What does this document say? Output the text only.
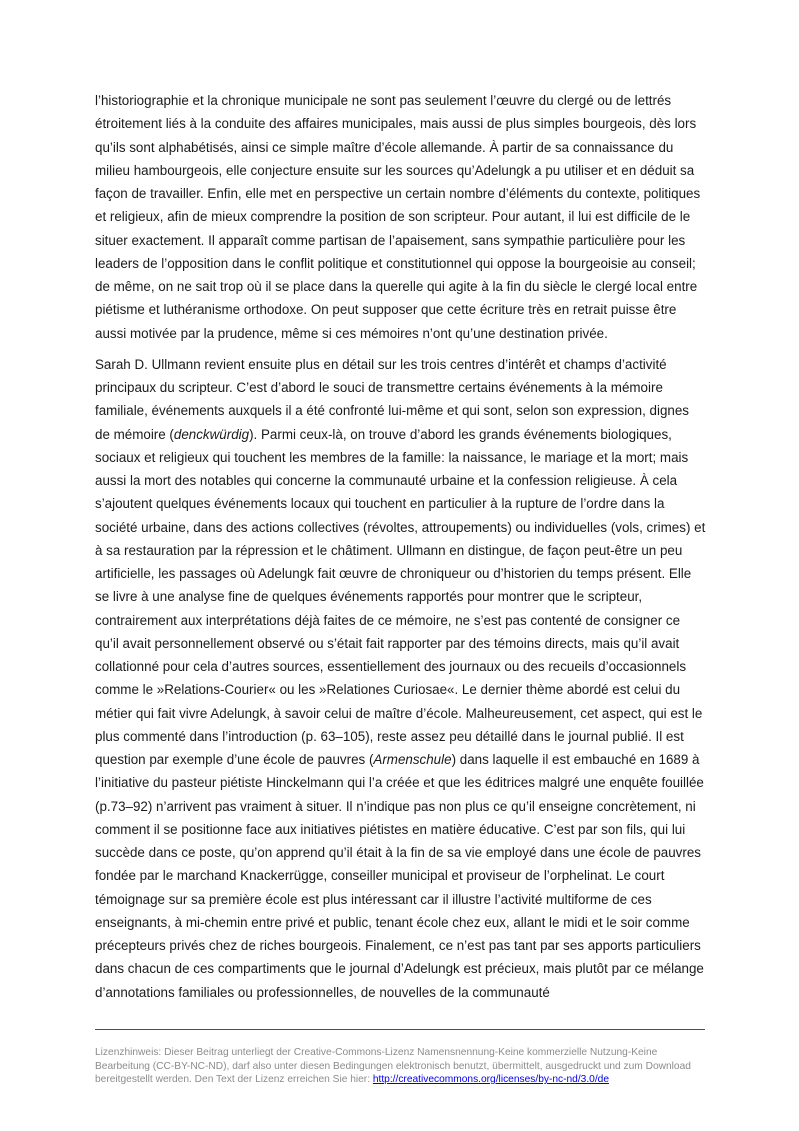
l’historiographie et la chronique municipale ne sont pas seulement l’œuvre du clergé ou de lettrés étroitement liés à la conduite des affaires municipales, mais aussi de plus simples bourgeois, dès lors qu’ils sont alphabétisés, ainsi ce simple maître d’école allemande. À partir de sa connaissance du milieu hambourgeois, elle conjecture ensuite sur les sources qu’Adelungk a pu utiliser et en déduit sa façon de travailler. Enfin, elle met en perspective un certain nombre d’éléments du contexte, politiques et religieux, afin de mieux comprendre la position de son scripteur. Pour autant, il lui est difficile de le situer exactement. Il apparaît comme partisan de l’apaisement, sans sympathie particulière pour les leaders de l’opposition dans le conflit politique et constitutionnel qui oppose la bourgeoisie au conseil; de même, on ne sait trop où il se place dans la querelle qui agite à la fin du siècle le clergé local entre piétisme et luthéranisme orthodoxe. On peut supposer que cette écriture très en retrait puisse être aussi motivée par la prudence, même si ces mémoires n’ont qu’une destination privée.

Sarah D. Ullmann revient ensuite plus en détail sur les trois centres d’intérêt et champs d’activité principaux du scripteur. C’est d’abord le souci de transmettre certains événements à la mémoire familiale, événements auxquels il a été confronté lui-même et qui sont, selon son expression, dignes de mémoire (denckwürdig). Parmi ceux-là, on trouve d’abord les grands événements biologiques, sociaux et religieux qui touchent les membres de la famille: la naissance, le mariage et la mort; mais aussi la mort des notables qui concerne la communauté urbaine et la confession religieuse. À cela s’ajoutent quelques événements locaux qui touchent en particulier à la rupture de l’ordre dans la société urbaine, dans des actions collectives (révoltes, attroupements) ou individuelles (vols, crimes) et à sa restauration par la répression et le châtiment. Ullmann en distingue, de façon peut-être un peu artificielle, les passages où Adelungk fait œuvre de chroniqueur ou d’historien du temps présent. Elle se livre à une analyse fine de quelques événements rapportés pour montrer que le scripteur, contrairement aux interprétations déjà faites de ce mémoire, ne s’est pas contenté de consigner ce qu’il avait personnellement observé ou s’était fait rapporter par des témoins directs, mais qu’il avait collationné pour cela d’autres sources, essentiellement des journaux ou des recueils d’occasionnels comme le »Relations-Courier« ou les »Relationes Curiosae«. Le dernier thème abordé est celui du métier qui fait vivre Adelungk, à savoir celui de maître d’école. Malheureusement, cet aspect, qui est le plus commenté dans l’introduction (p. 63–105), reste assez peu détaillé dans le journal publié. Il est question par exemple d’une école de pauvres (Armenschule) dans laquelle il est embauché en 1689 à l’initiative du pasteur piétiste Hinckelmann qui l’a créée et que les éditrices malgré une enquête fouillée (p.73–92) n’arrivent pas vraiment à situer. Il n’indique pas non plus ce qu’il enseigne concrètement, ni comment il se positionne face aux initiatives piétistes en matière éducative. C’est par son fils, qui lui succède dans ce poste, qu’on apprend qu’il était à la fin de sa vie employé dans une école de pauvres fondée par le marchand Knackerrügge, conseiller municipal et proviseur de l’orphelinat. Le court témoignage sur sa première école est plus intéressant car il illustre l’activité multiforme de ces enseignants, à mi-chemin entre privé et public, tenant école chez eux, allant le midi et le soir comme précepteurs privés chez de riches bourgeois. Finalement, ce n’est pas tant par ses apports particuliers dans chacun de ces compartiments que le journal d’Adelungk est précieux, mais plutôt par ce mélange d’annotations familiales ou professionnelles, de nouvelles de la communauté

Lizenzhinweis: Dieser Beitrag unterliegt der Creative-Commons-Lizenz Namensnennung-Keine kommerzielle Nutzung-Keine Bearbeitung (CC-BY-NC-ND), darf also unter diesen Bedingungen elektronisch benutzt, übermittelt, ausgedruckt und zum Download bereitgestellt werden. Den Text der Lizenz erreichen Sie hier: http://creativecommons.org/licenses/by-nc-nd/3.0/de
